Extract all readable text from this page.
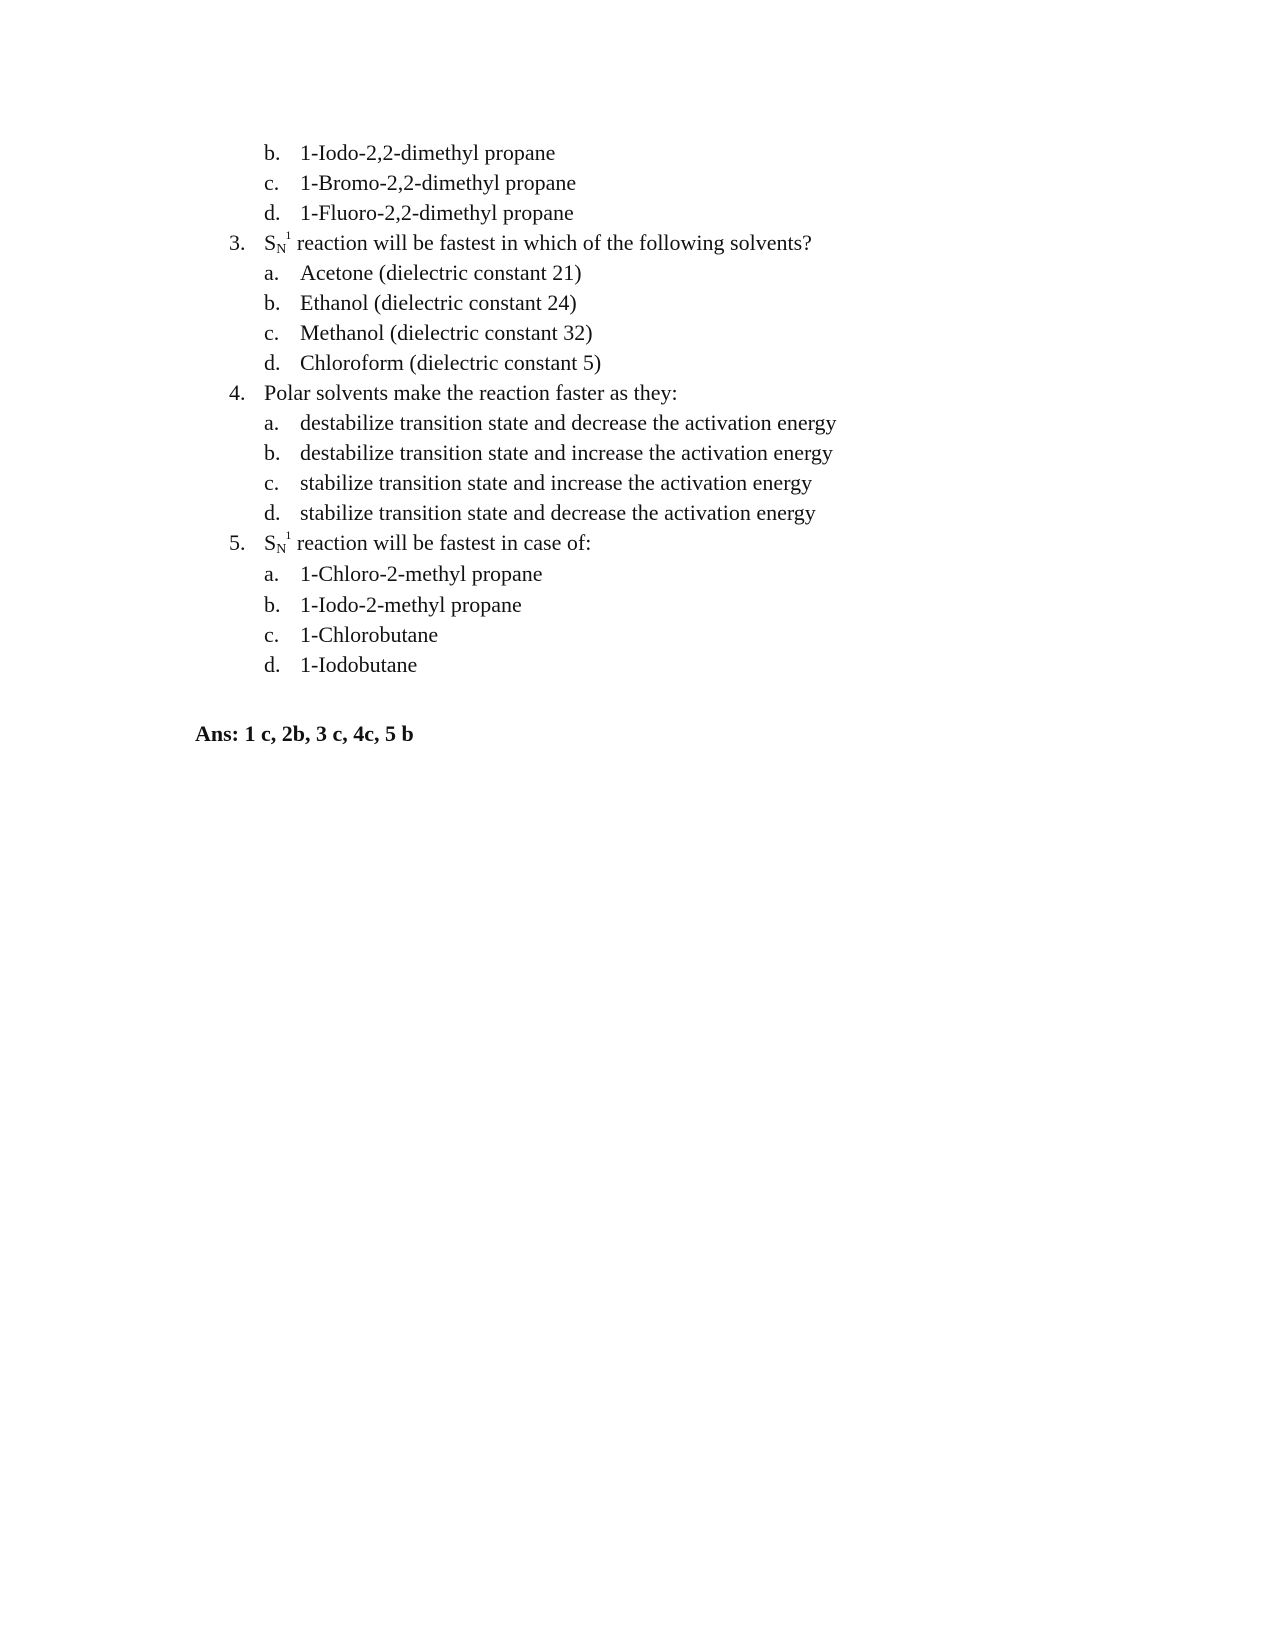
b. 1-Iodo-2,2-dimethyl propane
c. 1-Bromo-2,2-dimethyl propane
d. 1-Fluoro-2,2-dimethyl propane
3. $S_N^1$ reaction will be fastest in which of the following solvents?
a. Acetone (dielectric constant 21)
b. Ethanol (dielectric constant 24)
c. Methanol (dielectric constant 32)
d. Chloroform (dielectric constant 5)
4. Polar solvents make the reaction faster as they:
a. destabilize transition state and decrease the activation energy
b. destabilize transition state and increase the activation energy
c. stabilize transition state and increase the activation energy
d. stabilize transition state and decrease the activation energy
5. $S_N^1$ reaction will be fastest in case of:
a. 1-Chloro-2-methyl propane
b. 1-Iodo-2-methyl propane
c. 1-Chlorobutane
d. 1-Iodobutane
Ans: 1 c, 2b, 3 c, 4c, 5 b
